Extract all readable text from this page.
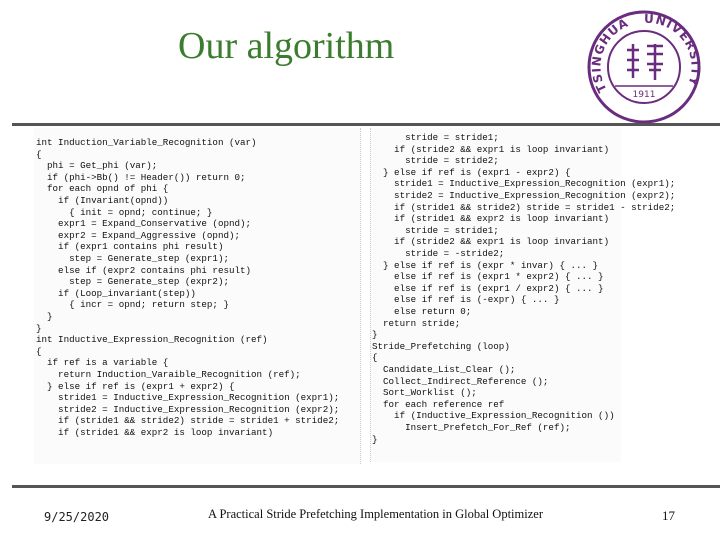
Our algorithm
TSINGHUA UNIVERSITY
1911
int Induction_Variable_Recognition (var)
{
phi = Get_phi (var);
if (phi->Bb() != Header()) return 0;
for each opnd of phi {
if (Invariant(opnd))
{ init = opnd; continue; }
expr1 = Expand_Conservative (opnd);
expr2 = Expand_Aggressive (opnd);
if (expr1 contains phi result)
step = Generate_step (expr1);
else if (expr2 contains phi result)
step = Generate_step (expr2);
if (Loop_invariant(step))
{ incr = opnd; return step; }
}
}
int Inductive_Expression_Recognition (ref)
{
if ref is a variable {
return Induction_Varaible_Recognition (ref);
} else if ref is (expr1 + expr2) {
stride1 = Inductive_Expression_Recognition (expr1);
stride2 = Inductive_Expression_Recognition (expr2);
if (stride1 && stride2) stride = stride1 + stride2;
if (stride1 && expr2 is loop invariant)
stride = stride1;
if (stride2 && expr1 is loop invariant)
stride = stride2;
} else if ref is (expr1 - expr2) {
stride1 = Inductive_Expression_Recognition (expr1);
stride2 = Inductive_Expression_Recognition (expr2);
if (stride1 && stride2) stride = stride1 - stride2;
if (stride1 && expr2 is loop invariant)
stride = stride1;
if (stride2 && expr1 is loop invariant)
stride = -stride2;
} else if ref is (expr * invar) { ... }
else if ref is (expr1 * expr2) { ... }
else if ref is (expr1 / expr2) { ... }
else if ref is (-expr) { ... }
else return 0;
return stride;
}
Stride_Prefetching (loop)
{
Candidate_List_Clear ();
Collect_Indirect_Reference ();
Sort_Worklist ();
for each reference ref
if (Inductive_Expression_Recognition ())
Insert_Prefetch_For_Ref (ref);
}
9/25/2020	A Practical Stride Prefetching Implementation in Global Optimizer	17
